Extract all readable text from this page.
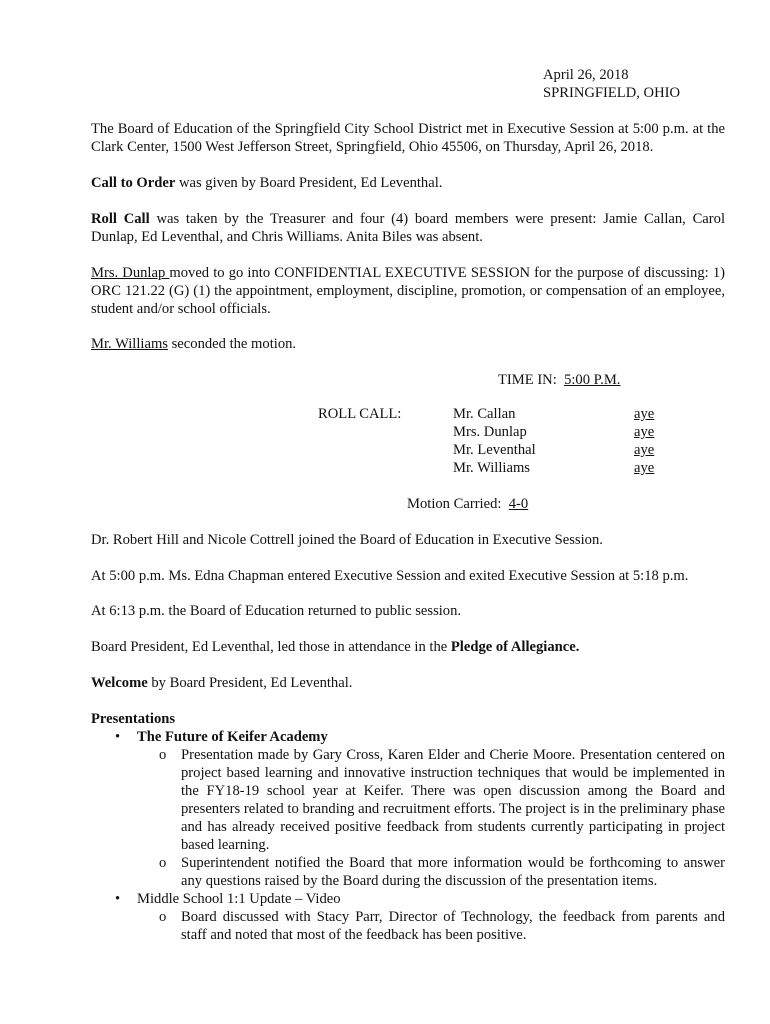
April 26, 2018
SPRINGFIELD, OHIO
The Board of Education of the Springfield City School District met in Executive Session at 5:00 p.m. at the Clark Center, 1500 West Jefferson Street, Springfield, Ohio 45506, on Thursday, April 26, 2018.
Call to Order was given by Board President, Ed Leventhal.
Roll Call was taken by the Treasurer and four (4) board members were present: Jamie Callan, Carol Dunlap, Ed Leventhal, and Chris Williams. Anita Biles was absent.
Mrs. Dunlap moved to go into CONFIDENTIAL EXECUTIVE SESSION for the purpose of discussing: 1) ORC 121.22 (G) (1) the appointment, employment, discipline, promotion, or compensation of an employee, student and/or school officials.
Mr. Williams seconded the motion.
TIME IN:  5:00 P.M.
ROLL CALL:	Mr. Callan	aye
Mrs. Dunlap	aye
Mr. Leventhal	aye
Mr. Williams	aye
Motion Carried:  4-0
Dr. Robert Hill and Nicole Cottrell joined the Board of Education in Executive Session.
At 5:00 p.m. Ms. Edna Chapman entered Executive Session and exited Executive Session at 5:18 p.m.
At 6:13 p.m. the Board of Education returned to public session.
Board President, Ed Leventhal, led those in attendance in the Pledge of Allegiance.
Welcome by Board President, Ed Leventhal.
Presentations
• The Future of Keifer Academy
o Presentation made by Gary Cross, Karen Elder and Cherie Moore. Presentation centered on project based learning and innovative instruction techniques that would be implemented in the FY18-19 school year at Keifer. There was open discussion among the Board and presenters related to branding and recruitment efforts. The project is in the preliminary phase and has already received positive feedback from students currently participating in project based learning.
o Superintendent notified the Board that more information would be forthcoming to answer any questions raised by the Board during the discussion of the presentation items.
• Middle School 1:1 Update – Video
o Board discussed with Stacy Parr, Director of Technology, the feedback from parents and staff and noted that most of the feedback has been positive.
